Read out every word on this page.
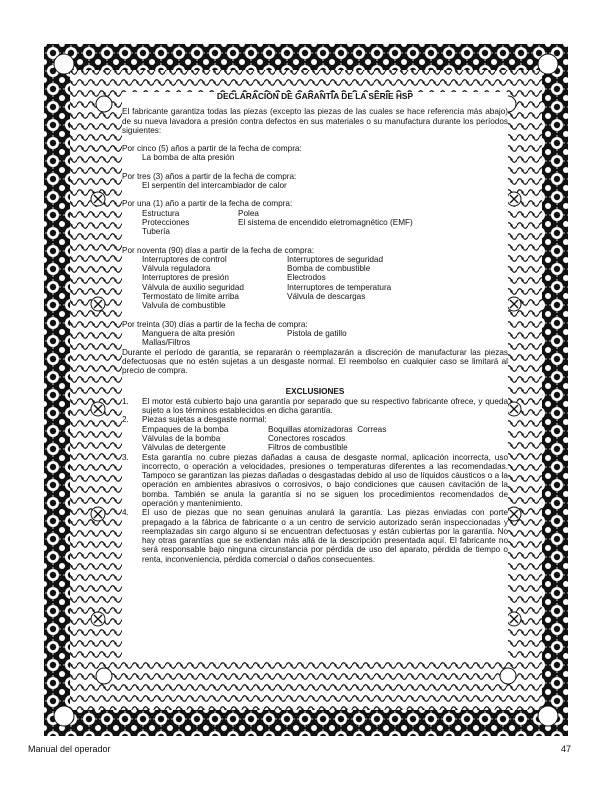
DECLARACIÓN DE GARANTÍA DE LA SERIE HSP

El fabricante garantiza todas las piezas (excepto las piezas de las cuales se hace referencia más abajo) de su nueva lavadora a presión contra defectos en sus materiales o su manufactura durante los períodos siguientes:

Por cinco (5) años a partir de la fecha de compra:

La bomba de alta presión

Por tres (3) años a partir de la fecha de compra:

El serpentín del intercambiador de calor

Por una (1) año a partir de la fecha de compra:

Estructura	Polea
Protecciones	El sistema de encendido eletromagnético (EMF)
Tubería

Por noventa (90) días a partir de la fecha de compra:

Interruptores de control	Interruptores de seguridad
Válvula reguladora	Bomba de combustible
Interruptores de presión	Electrodos
Válvula de auxilio seguridad	Interruptores de temperatura
Termostato de límite arriba	Válvula de descargas
Valvula de combustible

Por treinta (30) días a partir de la fecha de compra:

Manguera de alta presión	Pistola de gatillo
Mallas/Filtros

Durante el período de garantía, se repararán o reemplazarán a discreción de manufacturar las piezas defectuosas que no estén sujetas a un desgaste normal. El reembolso en cualquier caso se limitará al precio de compra.

EXCLUSIONES
1.	El motor está cubierto bajo una garantía por separado que su respectivo fabricante ofrece, y queda sujeto a los términos establecidos en dicha garantía.
2.	Piezas sujetas a desgaste normal:
Empaques de la bomba	Boquillas atomizadoras  Correas
Válvulas de la bomba	Conectores roscados
Válvulas de detergente	Filtros de combustible
3.	Esta garantía no cubre piezas dañadas a causa de desgaste normal, aplicación incorrecta, uso incorrecto, o operación a velocidades, presiones o temperaturas diferentes a las recomendadas. Tampoco se garantizan las piezas dañadas o desgastadas debido al uso de líquidos cáusticos o a la operación en ambientes abrasivos o corrosivos, o bajo condiciones que causen cavitación de la bomba. También se anula la garantía si no se siguen los procedimientos recomendados de operación y mantenimiento.
4.	El uso de piezas que no sean genuinas anulará la garantía. Las piezas enviadas con porte prepagado a la fábrica de fabricante o a un centro de servicio autorizado serán inspeccionadas y reemplazadas sin cargo alguno si se encuentran defectuosas y están cubiertas por la garantía. No hay otras garantías que se extiendan más allá de la descripción presentada aquí. El fabricante no será responsable bajo ninguna circunstancia por pérdida de uso del aparato, pérdida de tiempo o renta, inconveniencia, pérdida comercial o daños consecuentes.
Manual del operador	47
